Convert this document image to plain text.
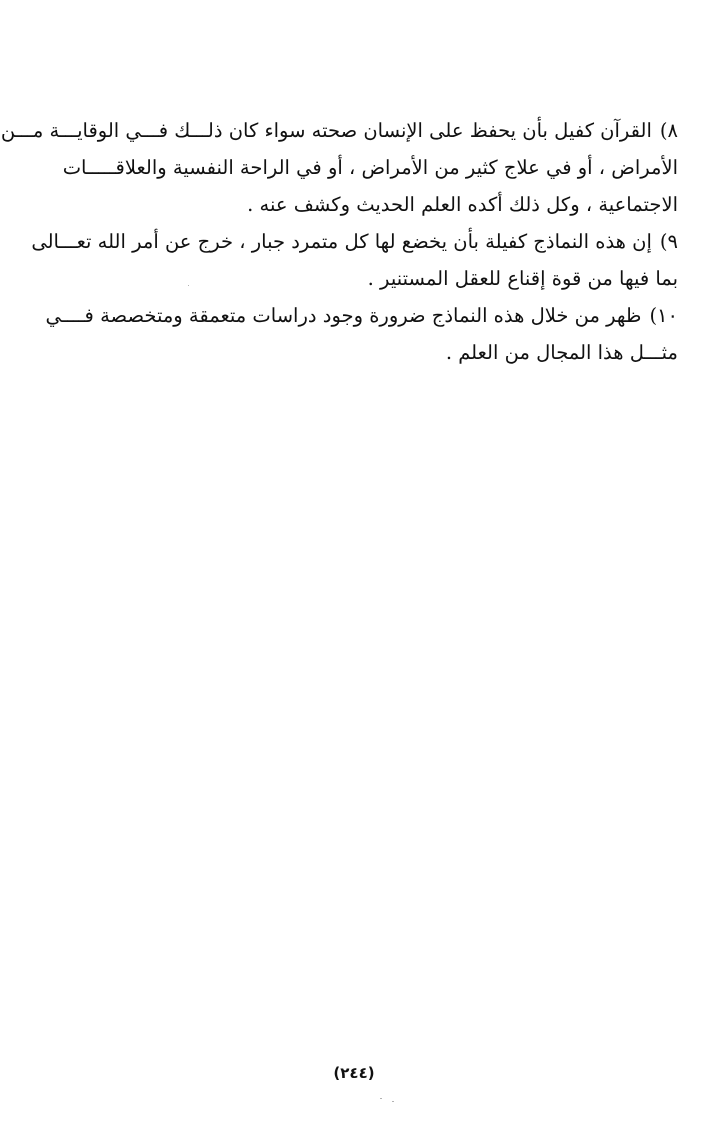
٨)القرآن كفيل بأن يحفظ على الإنسان صحته سواء كان ذلـــك فـــي الوقايـــة مـــن
الأمراض ، أو في علاج كثير من الأمراض ، أو في الراحة النفسية والعلاقـــــات
الاجتماعية ، وكل ذلك أكده العلم الحديث وكشف عنه .
٩)إن هذه النماذج كفيلة بأن يخضع لها كل متمرد جبار ، خرج عن أمر الله تعـــالى
بما فيها من قوة إقناع للعقل المستنير .
١٠)ظهر من خلال هذه النماذج ضرورة وجود دراسات متعمقة ومتخصصة فــــي
مثـــل هذا المجال من العلم .
(٢٤٤)
